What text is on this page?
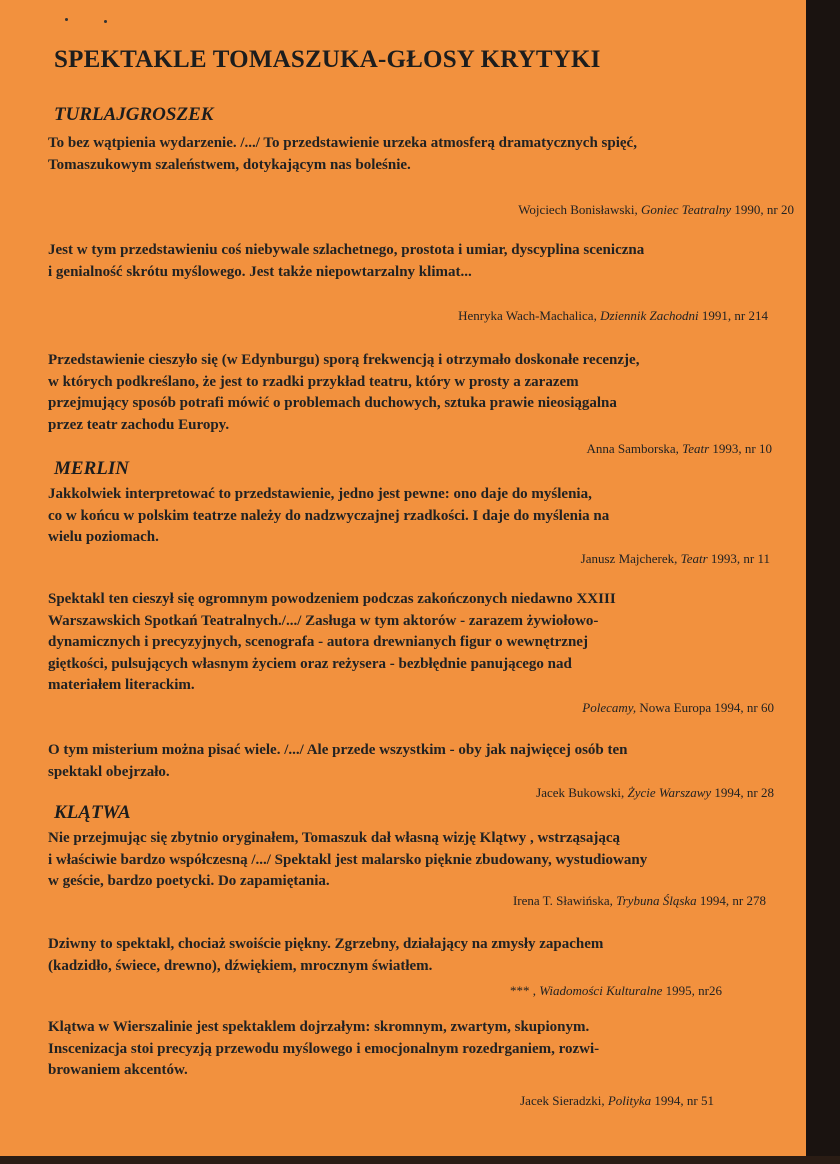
SPEKTAKLE TOMASZUKA-GŁOSY KRYTYKI
TURLAJGROSZEK
To bez wątpienia wydarzenie. /.../ To przedstawienie urzeka atmosferą dramatycznych spięć,
Tomaszukowym szaleństwem, dotykającym nas boleśnie.
Wojciech Bonisławski, Goniec Teatralny 1990, nr 20
Jest w tym przedstawieniu coś niebywale szlachetnego, prostota i umiar, dyscyplina sceniczna
i genialność skrótu myślowego. Jest także niepowtarzalny klimat...
Henryka Wach-Machalica, Dziennik Zachodni 1991, nr 214
Przedstawienie cieszyło się (w Edynburgu) sporą frekwencją i otrzymało doskonałe recenzje,
w których podkreślano, że jest to rzadki przykład teatru, który w prosty a zarazem
przejmujący sposób potrafi mówić o problemach duchowych, sztuka prawie nieosiągalna
przez teatr zachodu Europy.
Anna Samborska, Teatr 1993, nr 10
MERLIN
Jakkolwiek interpretować to przedstawienie, jedno jest pewne: ono daje do myślenia,
co w końcu w polskim teatrze należy do nadzwyczajnej rzadkości. I daje do myślenia na
wielu poziomach.
Janusz Majcherek, Teatr 1993, nr 11
Spektakl ten cieszył się ogromnym powodzeniem podczas zakończonych niedawno XXIII
Warszawskich Spotkań Teatralnych./.../ Zasługa w tym aktorów - zarazem żywiołowo-
dynamicznych i precyzyjnych, scenografa - autora drewnianych figur o wewnętrznej
giętkości, pulsujących własnym życiem oraz reżysera - bezbłędnie panującego nad
materiałem literackim.
Polecamy, Nowa Europa 1994, nr 60
O tym misterium można pisać wiele. /.../ Ale przede wszystkim - oby jak najwięcej osób ten
spektakl obejrzało.
Jacek Bukowski, Życie Warszawy 1994, nr 28
KLĄTWA
Nie przejmując się zbytnio oryginałem, Tomaszuk dał własną wizję Klątwy , wstrząsającą
i właściwie bardzo współczesną /.../ Spektakl jest malarsko pięknie zbudowany, wystudiowany
w geście, bardzo poetycki. Do zapamiętania.
Irena T. Sławińska, Trybuna Śląska 1994, nr 278
Dziwny to spektakl, chociaż swoiście piękny. Zgrzebny, działający na zmysły zapachem
(kadzidło, świece, drewno), dźwiękiem, mrocznym światłem.
*** , Wiadomości Kulturalne 1995, nr26
Klątwa w Wierszalinie jest spektaklem dojrzałym: skromnym, zwartym, skupionym.
Inscenizacja stoi precyzją przewodu myślowego i emocjonalnym rozedrganiem, rozwi-
browaniem akcentów.
Jacek Sieradzki, Polityka 1994, nr 51
